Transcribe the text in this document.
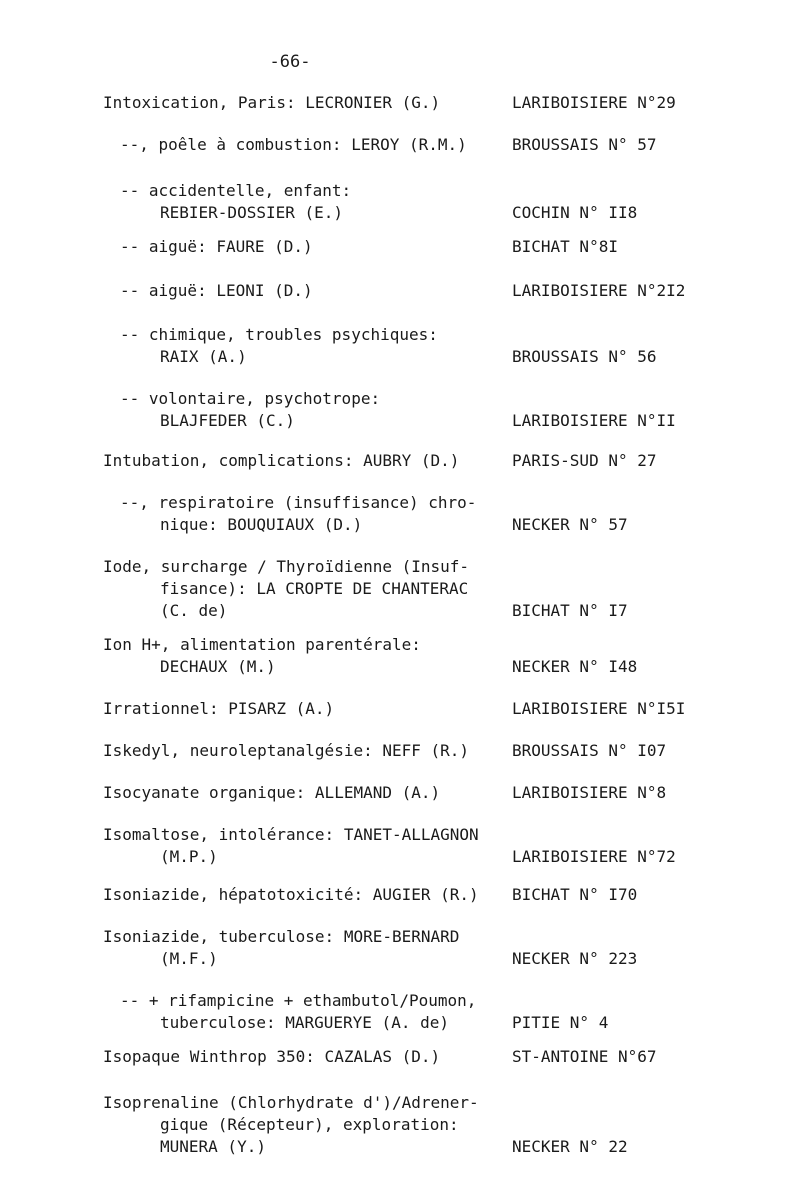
-66-
Intoxication, Paris: LECRONIER (G.)	LARIBOISIERE N°29
--, poêle à combustion: LEROY (R.M.)	BROUSSAIS N° 57
-- accidentelle, enfant:
REBIER-DOSSIER (E.)	COCHIN N° II8
-- aiguë: FAURE (D.)	BICHAT N°8I
-- aiguë: LEONI (D.)	LARIBOISIERE N°2I2
-- chimique, troubles psychiques:
RAIX (A.)	BROUSSAIS N° 56
-- volontaire, psychotrope:
BLAJFEDER (C.)	LARIBOISIERE N°II
Intubation, complications: AUBRY (D.)	PARIS-SUD N° 27
--, respiratoire (insuffisance) chro-
nique: BOUQUIAUX (D.)	NECKER N° 57
Iode, surcharge / Thyroïdienne (Insuf-
fisance): LA CROPTE DE CHANTERAC
(C. de)	BICHAT N° I7
Ion H+, alimentation parentérale:
DECHAUX (M.)	NECKER N° I48
Irrationnel: PISARZ (A.)	LARIBOISIERE N°I5I
Iskedyl, neuroleptanalgésie: NEFF (R.)	BROUSSAIS N° I07
Isocyanate organique: ALLEMAND (A.)	LARIBOISIERE N°8
Isomaltose, intolérance: TANET-ALLAGNON
(M.P.)	LARIBOISIERE N°72
Isoniazide, hépatotoxicité: AUGIER (R.) BICHAT N° I70
Isoniazide, tuberculose: MORE-BERNARD
(M.F.)	NECKER N° 223
-- + rifampicine + ethambutol/Poumon,
tuberculose: MARGUERYE (A. de)	PITIE N° 4
Isopaque Winthrop 350: CAZALAS (D.)	ST-ANTOINE N°67
Isoprenaline (Chlorhydrate d')/Adrener-
gique (Récepteur), exploration:
MUNERA (Y.)	NECKER N° 22
